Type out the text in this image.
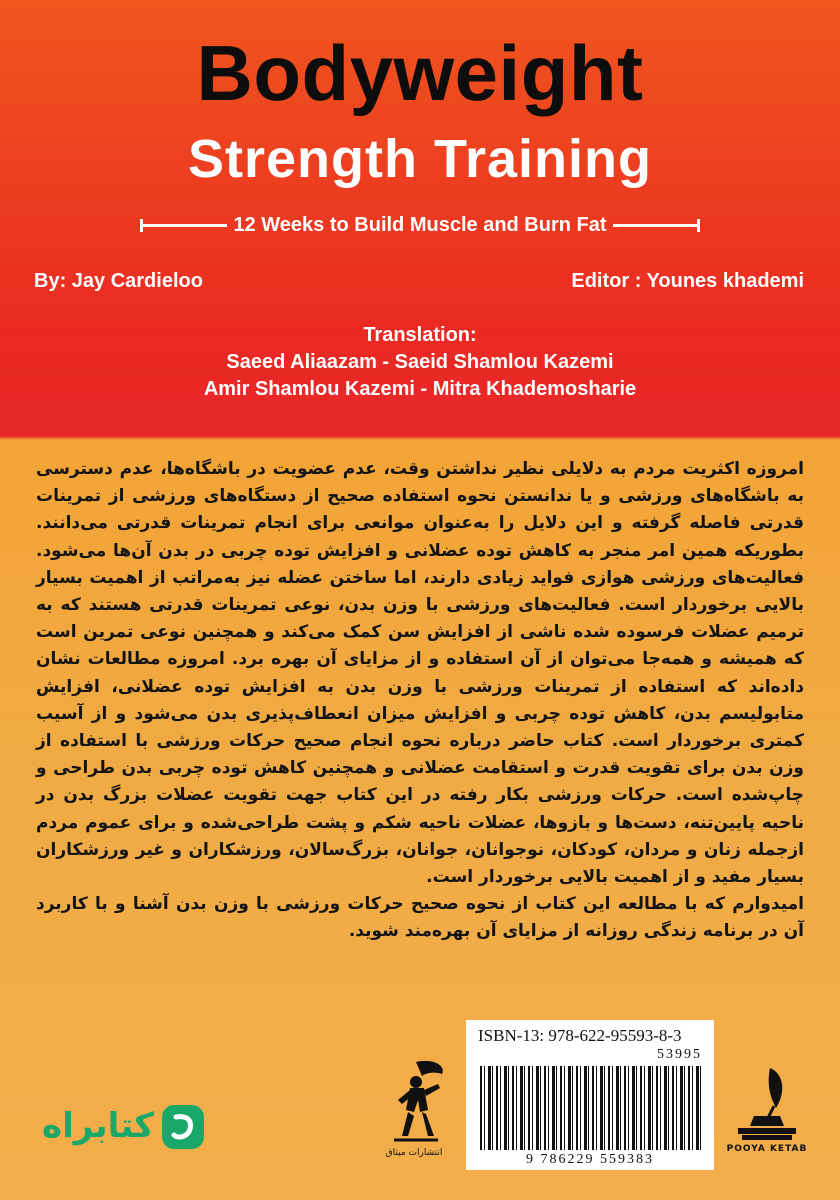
Bodyweight
Strength Training
12 Weeks to Build Muscle and Burn Fat
By: Jay Cardieloo	Editor : Younes khademi
Translation:
Saeed Aliaazam - Saeid Shamlou Kazemi
Amir Shamlou Kazemi - Mitra Khademosharie

امروزه اکثریت مردم به دلایلی نظیر نداشتن وقت، عدم عضویت در باشگاه‌ها، عدم دسترسی به باشگاه‌های ورزشی و یا ندانستن نحوه استفاده صحیح از دستگاه‌های ورزشی از تمرینات قدرتی فاصله گرفته و این دلایل را به‌عنوان موانعی برای انجام تمرینات قدرتی می‌دانند. بطوریکه همین امر منجر به کاهش توده عضلانی و افزایش توده چربی در بدن آن‌ها می‌شود. فعالیت‌های ورزشی هوازی فواید زیادی دارند، اما ساختن عضله نیز به‌مراتب از اهمیت بسیار بالایی برخوردار است. فعالیت‌های ورزشی با وزن بدن، نوعی تمرینات قدرتی هستند که به ترمیم عضلات فرسوده شده ناشی از افزایش سن کمک می‌کند و همچنین نوعی تمرین است که همیشه و همه‌جا می‌توان از آن استفاده و از مزایای آن بهره برد. امروزه مطالعات نشان داده‌اند که استفاده از تمرینات ورزشی با وزن بدن به افزایش توده عضلانی، افزایش متابولیسم بدن، کاهش توده چربی و افزایش میزان انعطاف‌پذیری بدن می‌شود و از آسیب کمتری برخوردار است. کتاب حاضر درباره نحوه انجام صحیح حرکات ورزشی با استفاده از وزن بدن برای تقویت قدرت و استقامت عضلانی و همچنین کاهش توده چربی بدن طراحی و چاپ‌شده است. حرکات ورزشی بکار رفته در این کتاب جهت تقویت عضلات بزرگ بدن در ناحیه پایین‌تنه، دست‌ها و بازوها، عضلات ناحیه شکم و پشت طراحی‌شده و برای عموم مردم ازجمله زنان و مردان، کودکان، نوجوانان، جوانان، بزرگ‌سالان، ورزشکاران و غیر ورزشکاران بسیار مفید و از اهمیت بالایی برخوردار است.

امیدوارم که با مطالعه این کتاب از نحوه صحیح حرکات ورزشی با وزن بدن آشنا و با کاربرد آن در برنامه زندگی روزانه از مزایای آن بهره‌مند شوید.

ISBN-13: 978-622-95593-8-3
53995
9 786229 559383
انتشارات میثاق	POOYA KETAB
کتابراه
